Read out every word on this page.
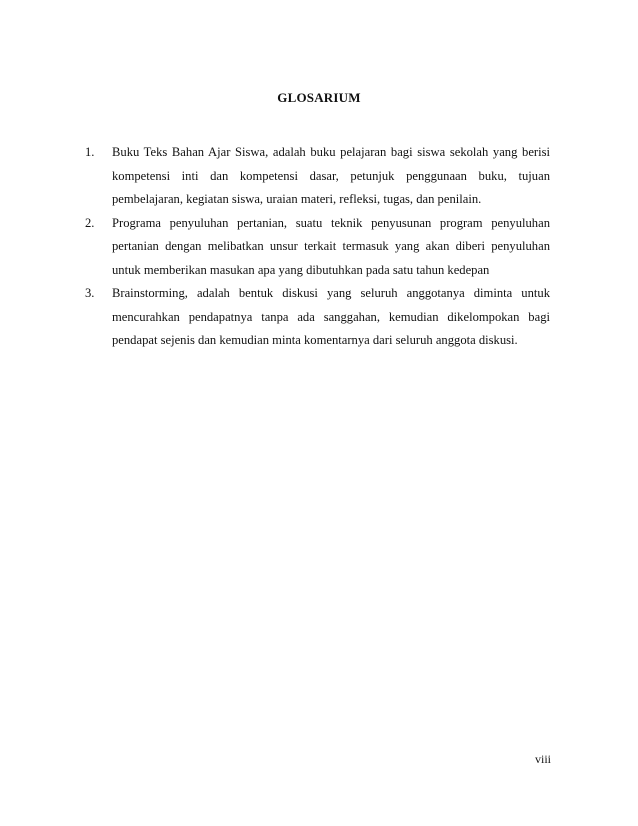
GLOSARIUM
1. Buku Teks Bahan Ajar Siswa, adalah buku pelajaran bagi siswa sekolah yang berisi kompetensi inti dan kompetensi dasar, petunjuk penggunaan buku, tujuan pembelajaran, kegiatan siswa, uraian materi, refleksi, tugas, dan penilain.
2. Programa penyuluhan pertanian, suatu teknik penyusunan program penyuluhan pertanian dengan melibatkan unsur terkait termasuk yang akan diberi penyuluhan untuk memberikan masukan apa yang dibutuhkan pada satu tahun kedepan
3. Brainstorming, adalah bentuk diskusi yang seluruh anggotanya diminta untuk mencurahkan pendapatnya tanpa ada sanggahan, kemudian dikelompokan bagi pendapat sejenis dan kemudian minta komentarnya dari seluruh anggota diskusi.

viii
